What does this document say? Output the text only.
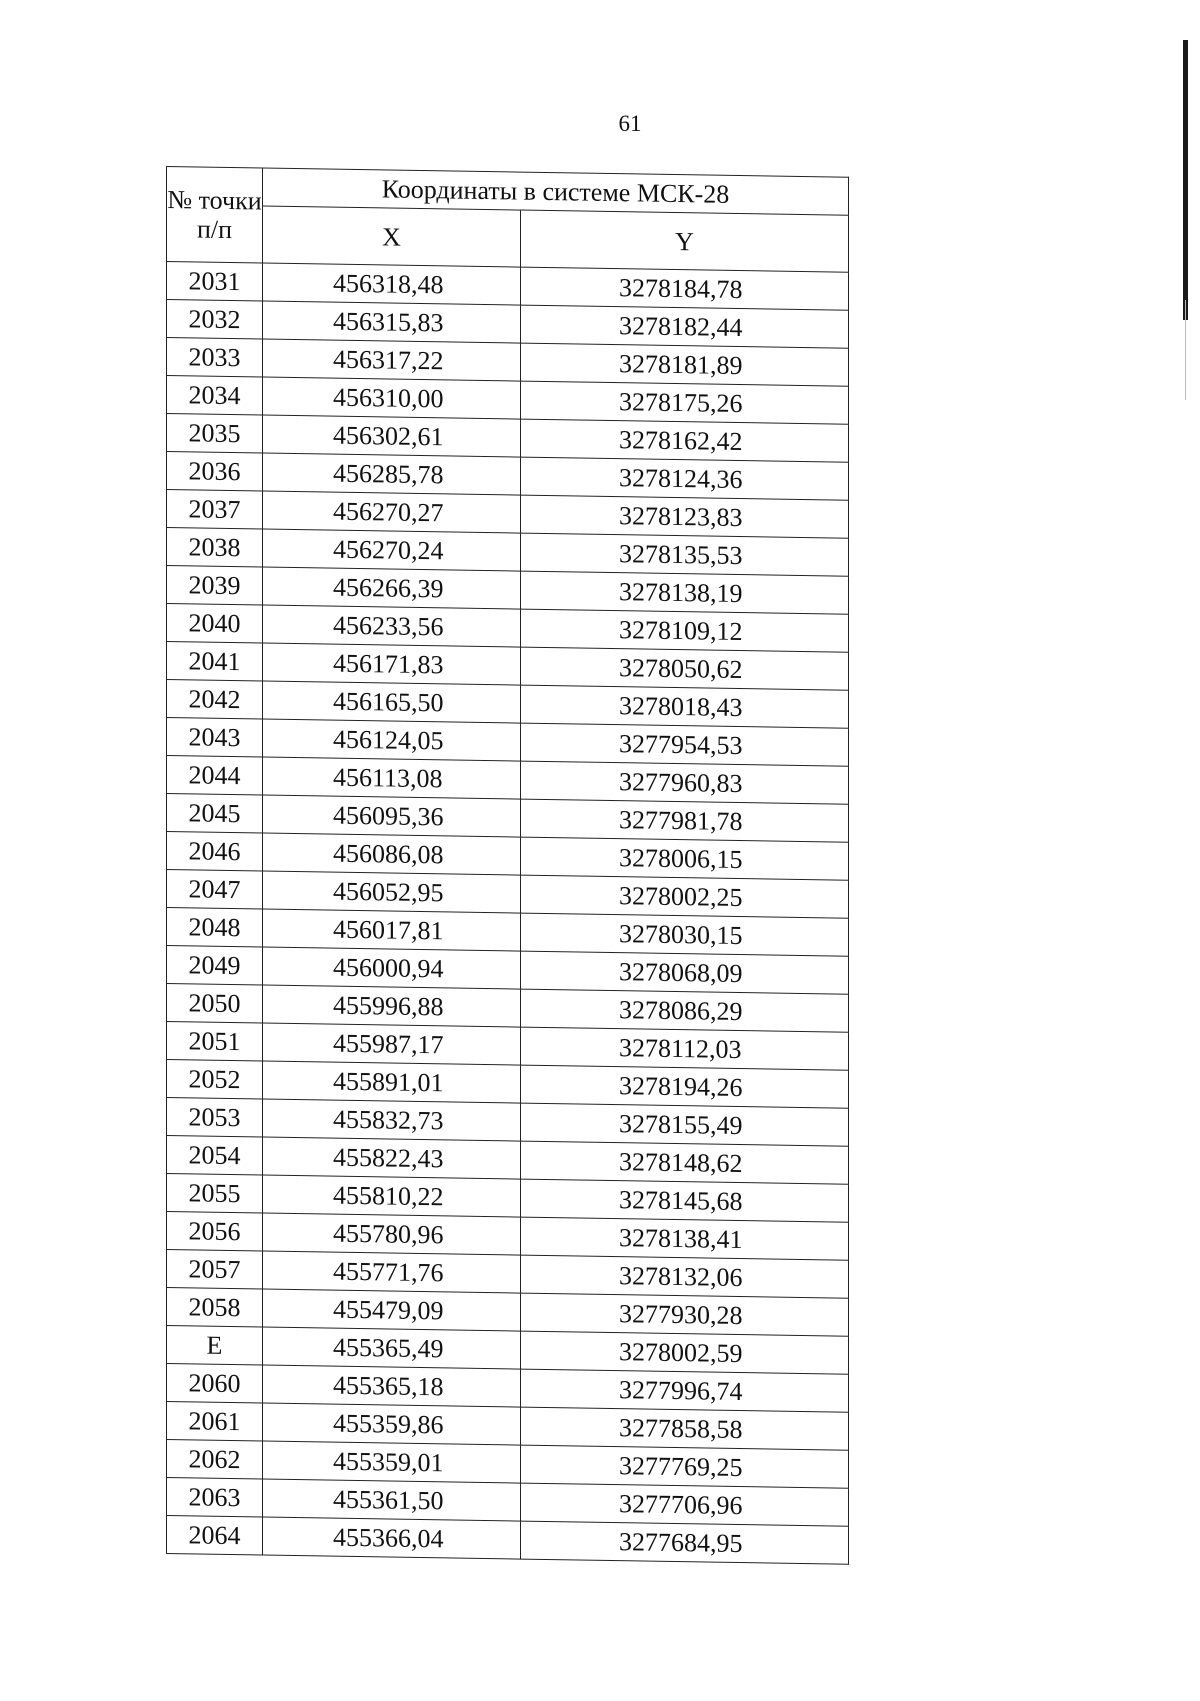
61
№ точки п/п	Координаты в системе МСК-28	
	X	Y
2031	456318,48	3278184,78
2032	456315,83	3278182,44
2033	456317,22	3278181,89
2034	456310,00	3278175,26
2035	456302,61	3278162,42
2036	456285,78	3278124,36
2037	456270,27	3278123,83
2038	456270,24	3278135,53
2039	456266,39	3278138,19
2040	456233,56	3278109,12
2041	456171,83	3278050,62
2042	456165,50	3278018,43
2043	456124,05	3277954,53
2044	456113,08	3277960,83
2045	456095,36	3277981,78
2046	456086,08	3278006,15
2047	456052,95	3278002,25
2048	456017,81	3278030,15
2049	456000,94	3278068,09
2050	455996,88	3278086,29
2051	455987,17	3278112,03
2052	455891,01	3278194,26
2053	455832,73	3278155,49
2054	455822,43	3278148,62
2055	455810,22	3278145,68
2056	455780,96	3278138,41
2057	455771,76	3278132,06
2058	455479,09	3277930,28
E	455365,49	3278002,59
2060	455365,18	3277996,74
2061	455359,86	3277858,58
2062	455359,01	3277769,25
2063	455361,50	3277706,96
2064	455366,04	3277684,95
